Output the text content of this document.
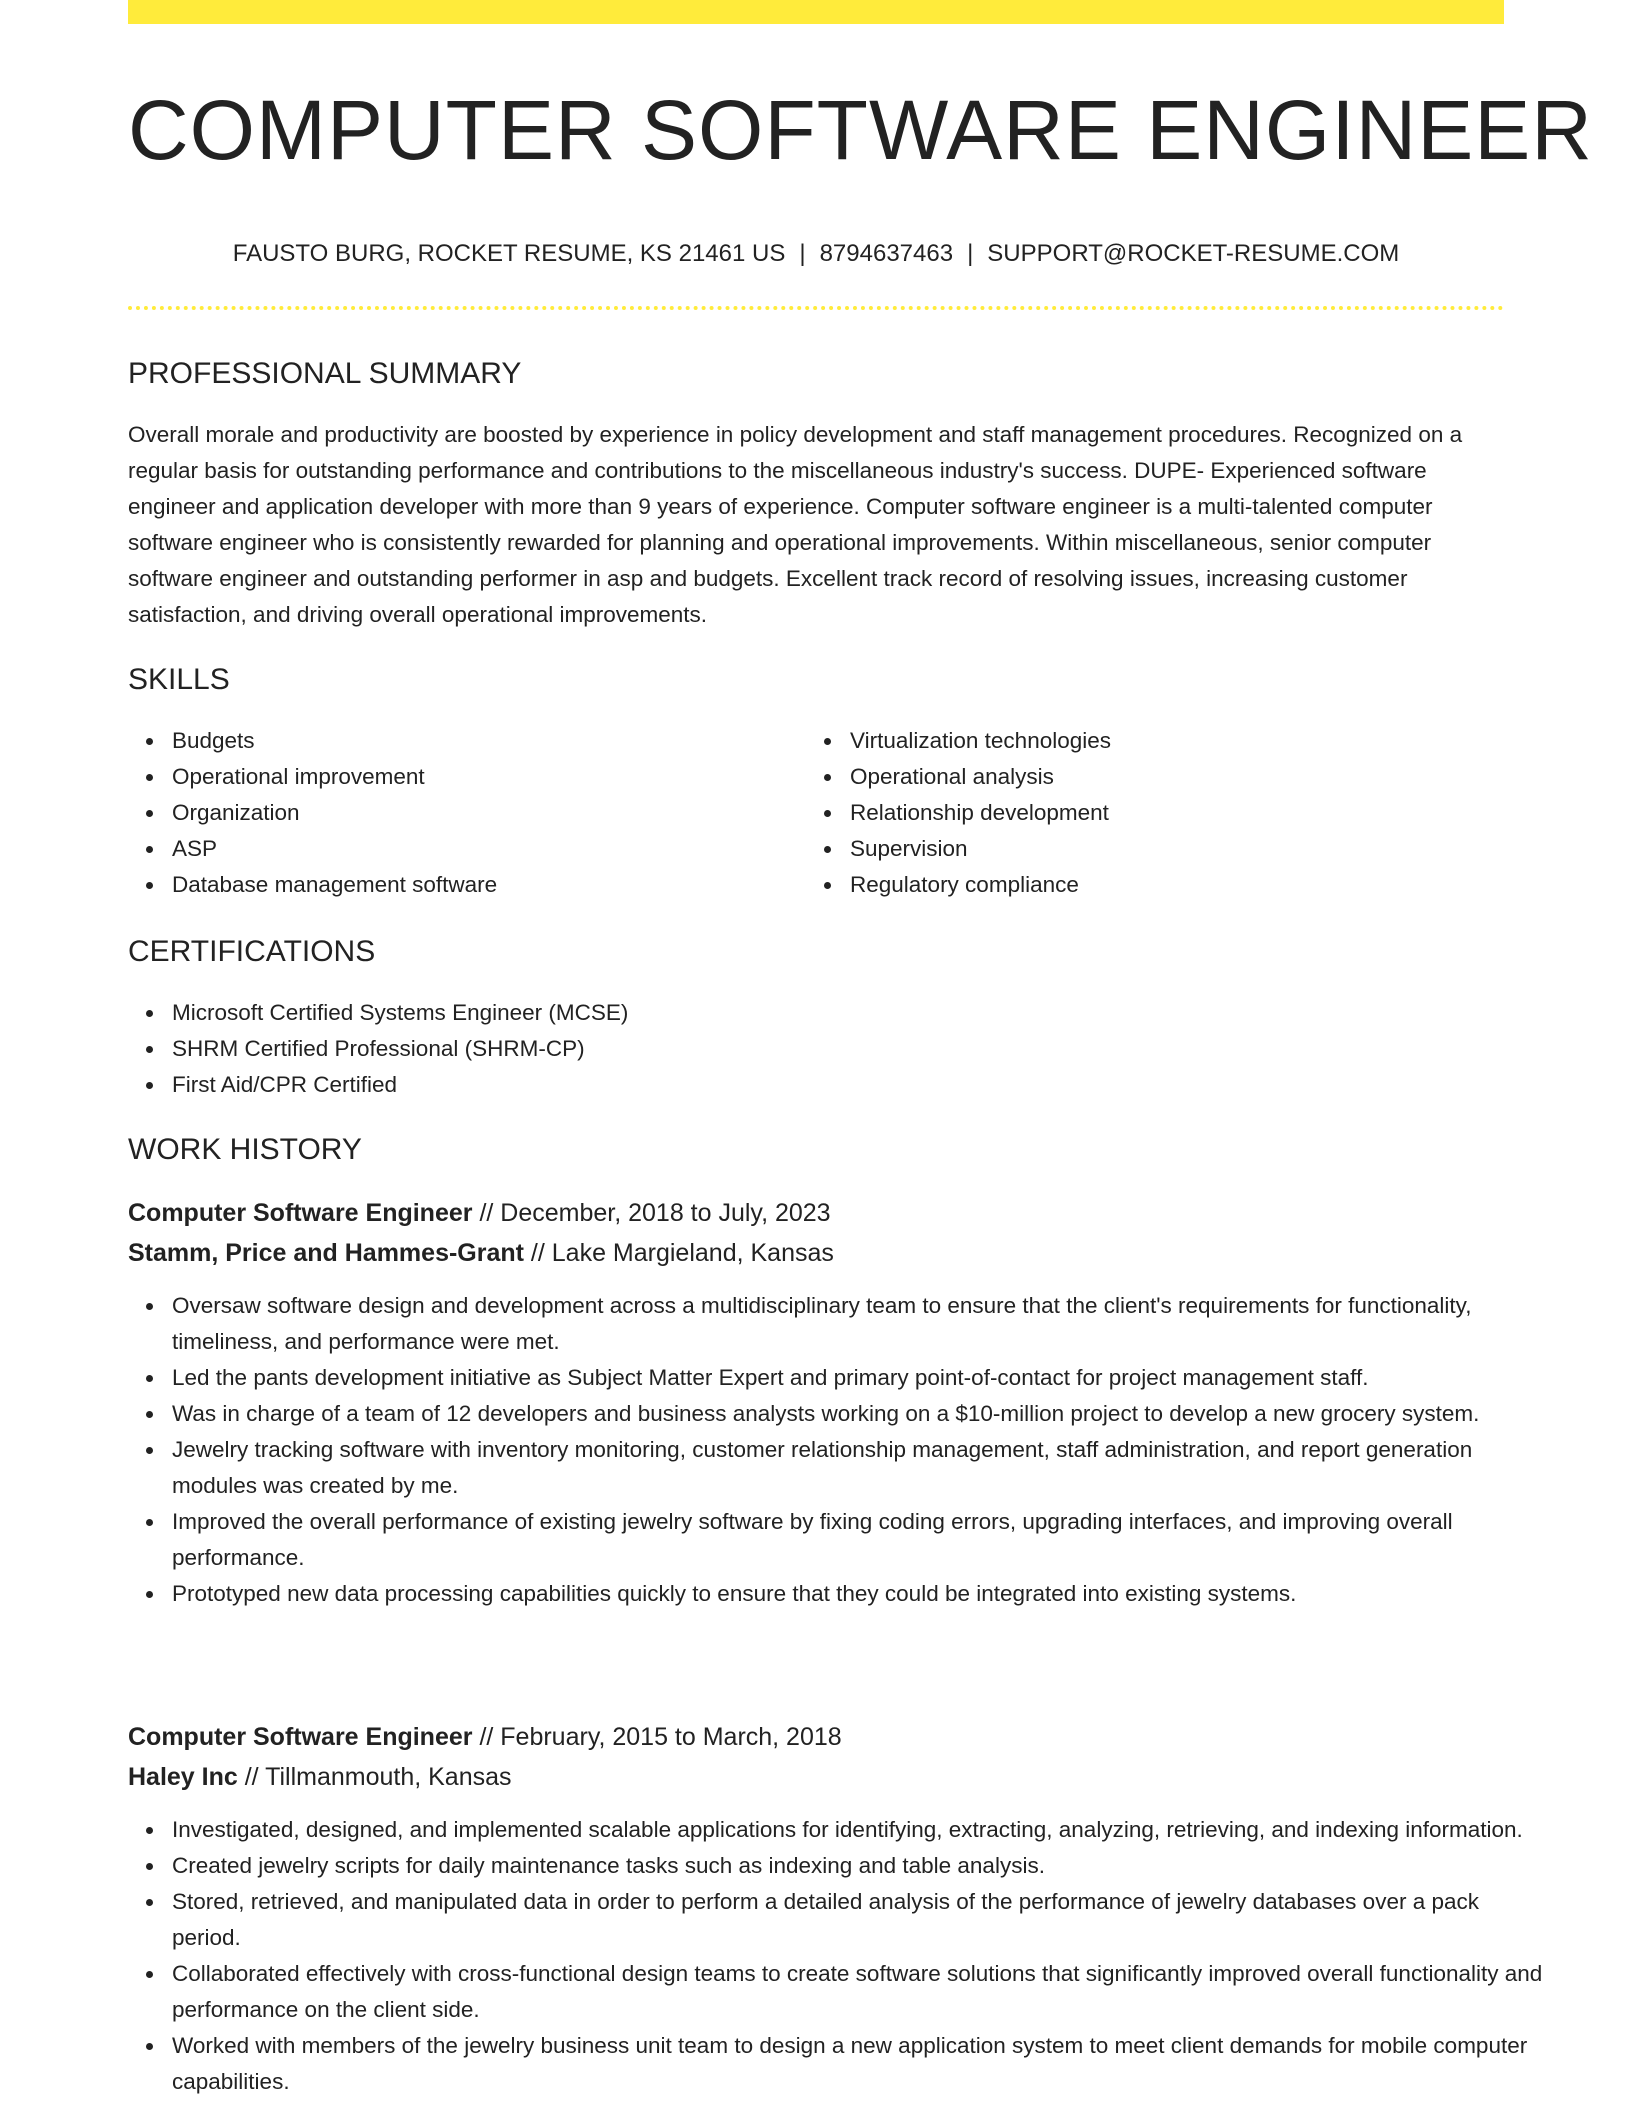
COMPUTER SOFTWARE ENGINEER
FAUSTO BURG, ROCKET RESUME, KS 21461 US | 8794637463 | SUPPORT@ROCKET-RESUME.COM
PROFESSIONAL SUMMARY

Overall morale and productivity are boosted by experience in policy development and staff management procedures. Recognized on a regular basis for outstanding performance and contributions to the miscellaneous industry's success. DUPE- Experienced software engineer and application developer with more than 9 years of experience. Computer software engineer is a multi-talented computer software engineer who is consistently rewarded for planning and operational improvements. Within miscellaneous, senior computer software engineer and outstanding performer in asp and budgets. Excellent track record of resolving issues, increasing customer satisfaction, and driving overall operational improvements.

SKILLS
Budgets
Operational improvement
Organization
ASP
Database management software
Virtualization technologies
Operational analysis
Relationship development
Supervision
Regulatory compliance
CERTIFICATIONS
Microsoft Certified Systems Engineer (MCSE)
SHRM Certified Professional (SHRM-CP)
First Aid/CPR Certified
WORK HISTORY
Computer Software Engineer // December, 2018 to July, 2023
Stamm, Price and Hammes-Grant // Lake Margieland, Kansas
Oversaw software design and development across a multidisciplinary team to ensure that the client's requirements for functionality, timeliness, and performance were met.
Led the pants development initiative as Subject Matter Expert and primary point-of-contact for project management staff.
Was in charge of a team of 12 developers and business analysts working on a $10-million project to develop a new grocery system.
Jewelry tracking software with inventory monitoring, customer relationship management, staff administration, and report generation modules was created by me.
Improved the overall performance of existing jewelry software by fixing coding errors, upgrading interfaces, and improving overall performance.
Prototyped new data processing capabilities quickly to ensure that they could be integrated into existing systems.
Computer Software Engineer // February, 2015 to March, 2018
Haley Inc // Tillmanmouth, Kansas
Investigated, designed, and implemented scalable applications for identifying, extracting, analyzing, retrieving, and indexing information.
Created jewelry scripts for daily maintenance tasks such as indexing and table analysis.
Stored, retrieved, and manipulated data in order to perform a detailed analysis of the performance of jewelry databases over a pack period.
Collaborated effectively with cross-functional design teams to create software solutions that significantly improved overall functionality and performance on the client side.
Worked with members of the jewelry business unit team to design a new application system to meet client demands for mobile computer capabilities.
